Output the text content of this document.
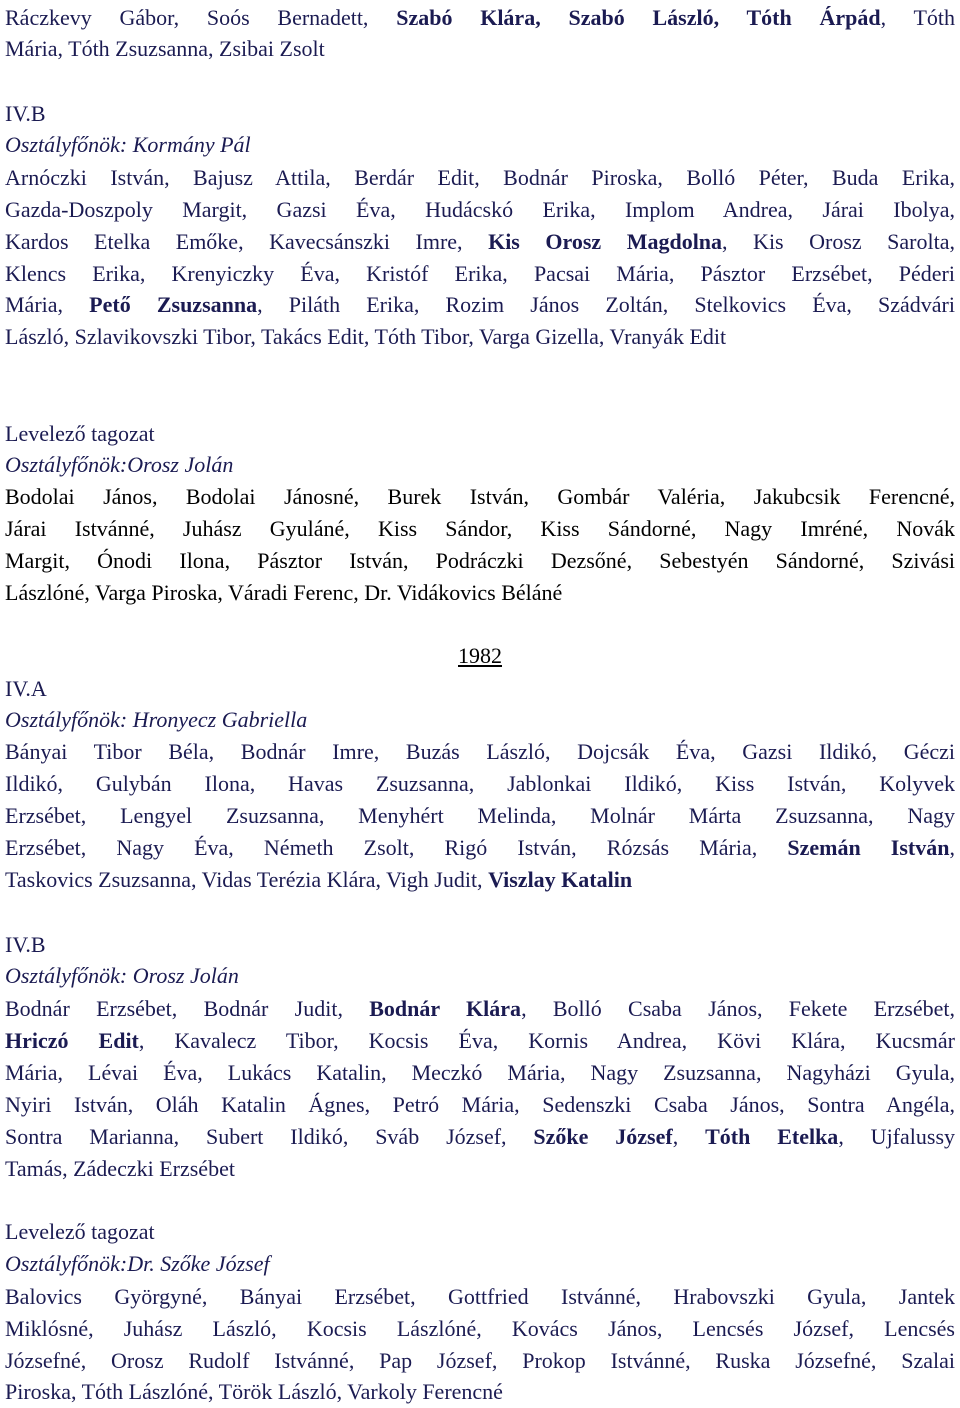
Ráczkevy Gábor, Soós Bernadett, Szabó Klára, Szabó László, Tóth Árpád, Tóth
Mária, Tóth Zsuzsanna, Zsibai Zsolt
IV.B
Osztályfőnök: Kormány Pál
Arnóczki István, Bajusz Attila, Berdár Edit, Bodnár Piroska, Bolló Péter, Buda Erika,
Gazda-Doszpoly Margit, Gazsi Éva, Hudácskó Erika, Implom Andrea, Járai Ibolya,
Kardos Etelka Emőke, Kavecsánszki Imre, Kis Orosz Magdolna, Kis Orosz Sarolta,
Klencs Erika, Krenyiczky Éva, Kristóf Erika, Pacsai Mária, Pásztor Erzsébet, Péderi
Mária, Pető Zsuzsanna, Piláth Erika, Rozim János Zoltán, Stelkovics Éva, Szádvári
László, Szlavikovszki Tibor, Takács Edit, Tóth Tibor, Varga Gizella, Vranyák Edit
Levelező tagozat
Osztályfőnök:Orosz Jolán
Bodolai János, Bodolai Jánosné, Burek István, Gombár Valéria, Jakubcsik Ferencné,
Járai Istvánné, Juhász Gyuláné, Kiss Sándor, Kiss Sándorné, Nagy Imréné, Novák
Margit, Ónodi Ilona, Pásztor István, Podráczki Dezsőné, Sebestyén Sándorné, Szivási
Lászlóné, Varga Piroska, Váradi Ferenc, Dr. Vidákovics Béláné
1982
IV.A
Osztályfőnök: Hronyecz Gabriella
Bányai Tibor Béla, Bodnár Imre, Buzás László, Dojcsák Éva, Gazsi Ildikó, Géczi
Ildikó, Gulybán Ilona, Havas Zsuzsanna, Jablonkai Ildikó, Kiss István, Kolyvek
Erzsébet, Lengyel Zsuzsanna, Menyhért Melinda, Molnár Márta Zsuzsanna, Nagy
Erzsébet, Nagy Éva, Németh Zsolt, Rigó István, Rózsás Mária, Szemán István,
Taskovics Zsuzsanna, Vidas Terézia Klára, Vigh Judit, Viszlay Katalin
IV.B
Osztályfőnök: Orosz Jolán
Bodnár Erzsébet, Bodnár Judit, Bodnár Klára, Bolló Csaba János, Fekete Erzsébet,
Hriczó Edit, Kavalecz Tibor, Kocsis Éva, Kornis Andrea, Kövi Klára, Kucsmár
Mária, Lévai Éva, Lukács Katalin, Meczkó Mária, Nagy Zsuzsanna, Nagyházi Gyula,
Nyiri István, Oláh Katalin Ágnes, Petró Mária, Sedenszki Csaba János, Sontra Angéla,
Sontra Marianna, Subert Ildikó, Sváb József, Szőke József, Tóth Etelka, Ujfalussy
Tamás, Zádeczki Erzsébet
Levelező tagozat
Osztályfőnök:Dr. Szőke József
Balovics Györgyné, Bányai Erzsébet, Gottfried Istvánné, Hrabovszki Gyula, Jantek
Miklósné, Juhász László, Kocsis Lászlóné, Kovács János, Lencsés József, Lencsés
Józsefné, Orosz Rudolf Istvánné, Pap József, Prokop Istvánné, Ruska Józsefné, Szalai
Piroska, Tóth Lászlóné, Török László, Varkoly Ferencné
